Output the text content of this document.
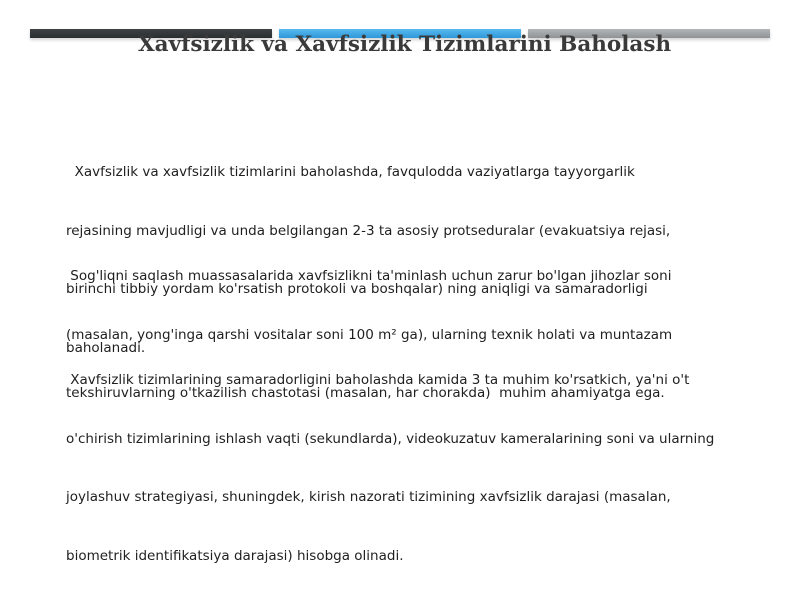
Xavfsizlik va Xavfsizlik Tizimlarini Baholash

Xavfsizlik va xavfsizlik tizimlarini baholashda, favqulodda vaziyatlarga tayyorgarlik

rejasining mavjudligi va unda belgilangan 2-3 ta asosiy protseduralar (evakuatsiya rejasi,

birinchi tibbiy yordam ko'rsatish protokoli va boshqalar) ning aniqligi va samaradorligi

baholanadi.

Sog'liqni saqlash muassasalarida xavfsizlikni ta'minlash uchun zarur bo'lgan jihozlar soni

(masalan, yong'inga qarshi vositalar soni 100 m² ga), ularning texnik holati va muntazam

tekshiruvlarning o'tkazilish chastotasi (masalan, har chorakda)  muhim ahamiyatga ega.

Xavfsizlik tizimlarining samaradorligini baholashda kamida 3 ta muhim ko'rsatkich, ya'ni o't

o'chirish tizimlarining ishlash vaqti (sekundlarda), videokuzatuv kameralarining soni va ularning

joylashuv strategiyasi, shuningdek, kirish nazorati tizimining xavfsizlik darajasi (masalan,

biometrik identifikatsiya darajasi) hisobga olinadi.
